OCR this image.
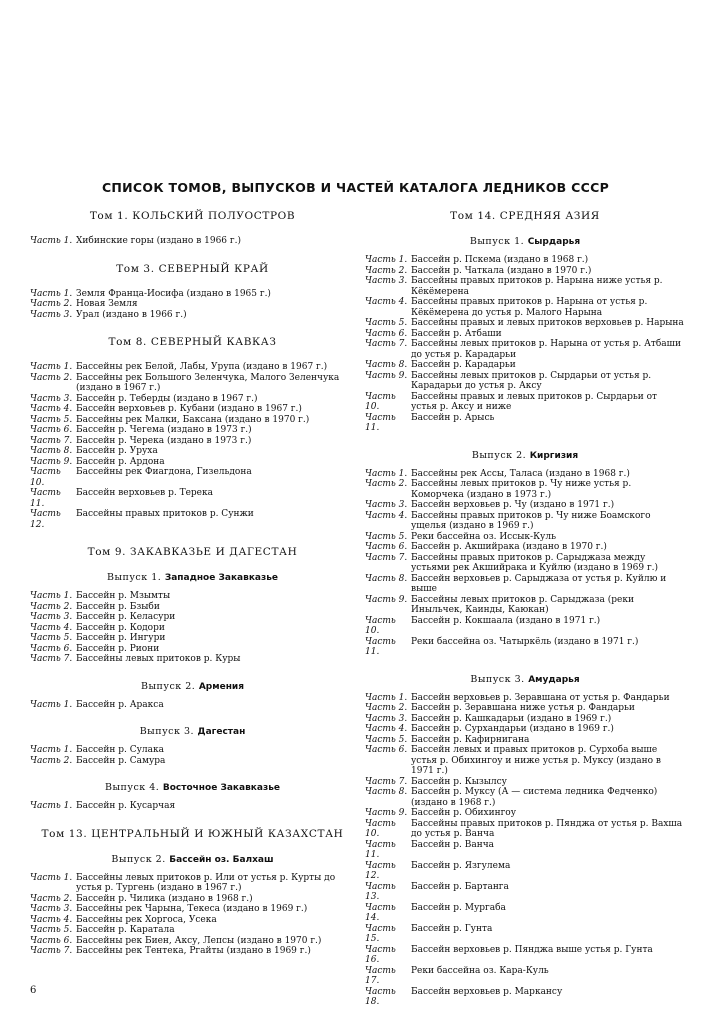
СПИСОК ТОМОВ, ВЫПУСКОВ И ЧАСТЕЙ КАТАЛОГА ЛЕДНИКОВ СССР
Том 1. КОЛЬСКИЙ ПОЛУОСТРОВ
Часть 1. Хибинские горы (издано в 1966 г.)
Том 3. СЕВЕРНЫЙ КРАЙ
Часть 1. Земля Франца-Иосифа (издано в 1965 г.)
Часть 2. Новая Земля
Часть 3. Урал (издано в 1966 г.)
Том 8. СЕВЕРНЫЙ КАВКАЗ
Часть 1. Бассейны рек Белой, Лабы, Урупа (издано в 1967 г.)
Часть 2. Бассейны рек Большого Зеленчука, Малого Зеленчука (издано в 1967 г.)
Часть 3. Бассейн р. Теберды (издано в 1967 г.)
Часть 4. Бассейн верховьев р. Кубани (издано в 1967 г.)
Часть 5. Бассейны рек Малки, Баксана (издано в 1970 г.)
Часть 6. Бассейн р. Чегема (издано в 1973 г.)
Часть 7. Бассейн р. Черека (издано в 1973 г.)
Часть 8. Бассейн р. Уруха
Часть 9. Бассейн р. Ардона
Часть 10.
Бассейны рек Фиагдона, Гизельдона
Часть 11.
Бассейн верховьев р. Терека
Часть 12.
Бассейны правых притоков р. Сунжи
Том 9. ЗАКАВКАЗЬЕ И ДАГЕСТАН
Выпуск 1. Западное Закавказье
Часть 1. Бассейн р. Мзымты
Часть 2. Бассейн р. Бзыби
Часть 3. Бассейн р. Келасури
Часть 4. Бассейн р. Кодори
Часть 5. Бассейн р. Ингури
Часть 6. Бассейн р. Риони
Часть 7. Бассейны левых притоков р. Куры
Выпуск 2. Армения
Часть 1. Бассейн р. Аракса
Выпуск 3. Дагестан
Часть 1. Бассейн р. Сулака
Часть 2. Бассейн р. Самура
Выпуск 4. Восточное Закавказье
Часть 1. Бассейн р. Кусарчая
Том 13. ЦЕНТРАЛЬНЫЙ И ЮЖНЫЙ КАЗАХСТАН
Выпуск 2. Бассейн оз. Балхаш
Часть 1. Бассейны левых притоков р. Или от устья р. Курты до устья р. Тургень (издано в 1967 г.)
Часть 2. Бассейн р. Чилика (издано в 1968 г.)
Часть 3. Бассейны рек Чарына, Текеса (издано в 1969 г.)
Часть 4. Бассейны рек Хоргоса, Усека
Часть 5. Бассейн р. Каратала
Часть 6. Бассейны рек Биен, Аксу, Лепсы (издано в 1970 г.)
Часть 7. Бассейны рек Тентека, Ргайты (издано в 1969 г.)
Том 14. СРЕДНЯЯ АЗИЯ
Выпуск 1. Сырдарья
Часть 1. Бассейн р. Пскема (издано в 1968 г.)
Часть 2. Бассейн р. Чаткала (издано в 1970 г.)
Часть 3. Бассейны правых притоков р. Нарына ниже устья р. Кёкёмерена
Часть 4. Бассейны правых притоков р. Нарына от устья р. Кёкёмерена до устья р. Малого Нарына
Часть 5. Бассейны правых и левых притоков верховьев р. Нарына
Часть 6. Бассейн р. Атбаши
Часть 7. Бассейны левых притоков р. Нарына от устья р. Атбаши до устья р. Карадарьи
Часть 8. Бассейн р. Карадарьи
Часть 9. Бассейны левых притоков р. Сырдарьи от устья р. Карадарьи до устья р. Аксу
Часть 10.
Бассейны правых и левых притоков р. Сырдарьи от устья р. Аксу и ниже
Часть 11.
Бассейн р. Арысь
Выпуск 2. Киргизия
Часть 1. Бассейны рек Ассы, Таласа (издано в 1968 г.)
Часть 2. Бассейны левых притоков р. Чу ниже устья р. Коморчека (издано в 1973 г.)
Часть 3. Бассейн верховьев р. Чу (издано в 1971 г.)
Часть 4. Бассейны правых притоков р. Чу ниже Боамского ущелья (издано в 1969 г.)
Часть 5. Реки бассейна оз. Иссык-Куль
Часть 6. Бассейн р. Акшийрака (издано в 1970 г.)
Часть 7. Бассейны правых притоков р. Сарыджаза между устьями рек Акшийрака и Куйлю (издано в 1969 г.)
Часть 8. Бассейн верховьев р. Сарыджаза от устья р. Куйлю и выше
Часть 9. Бассейны левых притоков р. Сарыджаза (реки Иныльчек, Каинды, Каюкан)
Часть 10.
Бассейн р. Кокшаала (издано в 1971 г.)
Часть 11.
Реки бассейна оз. Чатыркёль (издано в 1971 г.)
Выпуск 3. Амударья
Часть 1. Бассейн верховьев р. Зеравшана от устья р. Фандарьи
Часть 2. Бассейн р. Зеравшана ниже устья р. Фандарьи
Часть 3. Бассейн р. Кашкадарьи (издано в 1969 г.)
Часть 4. Бассейн р. Сурхандарьи (издано в 1969 г.)
Часть 5. Бассейн р. Кафирнигана
Часть 6. Бассейн левых и правых притоков р. Сурхоба выше устья р. Обихингоу и ниже устья р. Муксу (издано в 1971 г.)
Часть 7. Бассейн р. Кызылсу
Часть 8. Бассейн р. Муксу (А — система ледника Федченко) (издано в 1968 г.)
Часть 9. Бассейн р. Обихингоу
Часть 10.
Бассейны правых притоков р. Пянджа от устья р. Вахша до устья р. Ванча
Часть 11.
Бассейн р. Ванча
Часть 12.
Бассейн р. Язгулема
Часть 13.
Бассейн р. Бартанга
Часть 14.
Бассейн р. Мургаба
Часть 15.
Бассейн р. Гунта
Часть 16.
Бассейн верховьев р. Пянджа выше устья р. Гунта
Часть 17.
Реки бассейна оз. Кара-Куль
Часть 18.
Бассейн верховьев р. Маркансу
6
